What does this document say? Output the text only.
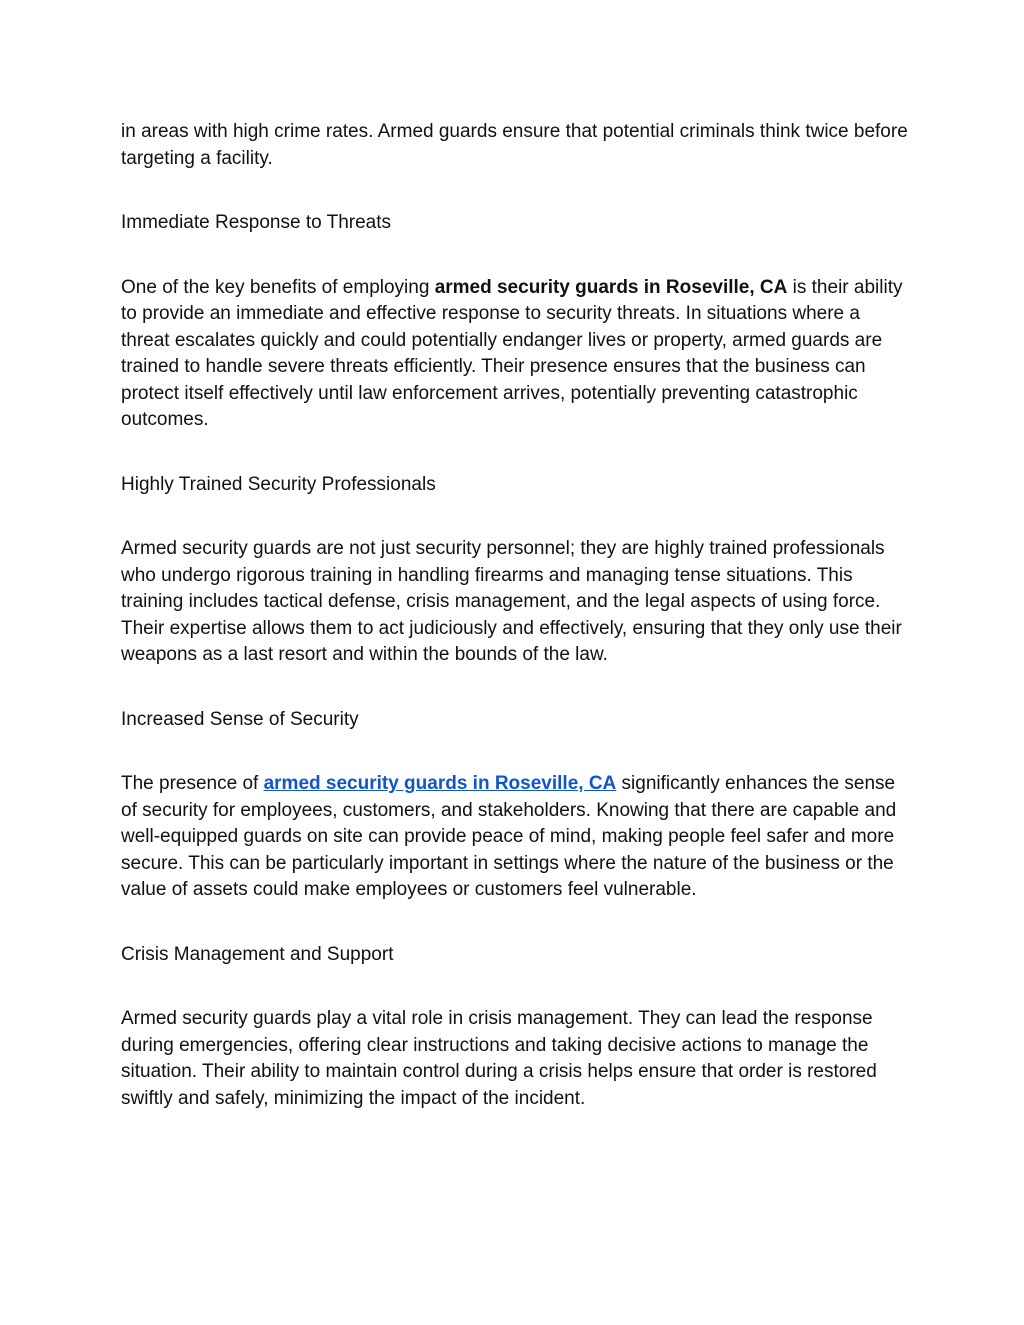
in areas with high crime rates. Armed guards ensure that potential criminals think twice before targeting a facility.

Immediate Response to Threats

One of the key benefits of employing armed security guards in Roseville, CA is their ability to provide an immediate and effective response to security threats. In situations where a threat escalates quickly and could potentially endanger lives or property, armed guards are trained to handle severe threats efficiently. Their presence ensures that the business can protect itself effectively until law enforcement arrives, potentially preventing catastrophic outcomes.

Highly Trained Security Professionals

Armed security guards are not just security personnel; they are highly trained professionals who undergo rigorous training in handling firearms and managing tense situations. This training includes tactical defense, crisis management, and the legal aspects of using force. Their expertise allows them to act judiciously and effectively, ensuring that they only use their weapons as a last resort and within the bounds of the law.

Increased Sense of Security

The presence of armed security guards in Roseville, CA significantly enhances the sense of security for employees, customers, and stakeholders. Knowing that there are capable and well-equipped guards on site can provide peace of mind, making people feel safer and more secure. This can be particularly important in settings where the nature of the business or the value of assets could make employees or customers feel vulnerable.

Crisis Management and Support

Armed security guards play a vital role in crisis management. They can lead the response during emergencies, offering clear instructions and taking decisive actions to manage the situation. Their ability to maintain control during a crisis helps ensure that order is restored swiftly and safely, minimizing the impact of the incident.
